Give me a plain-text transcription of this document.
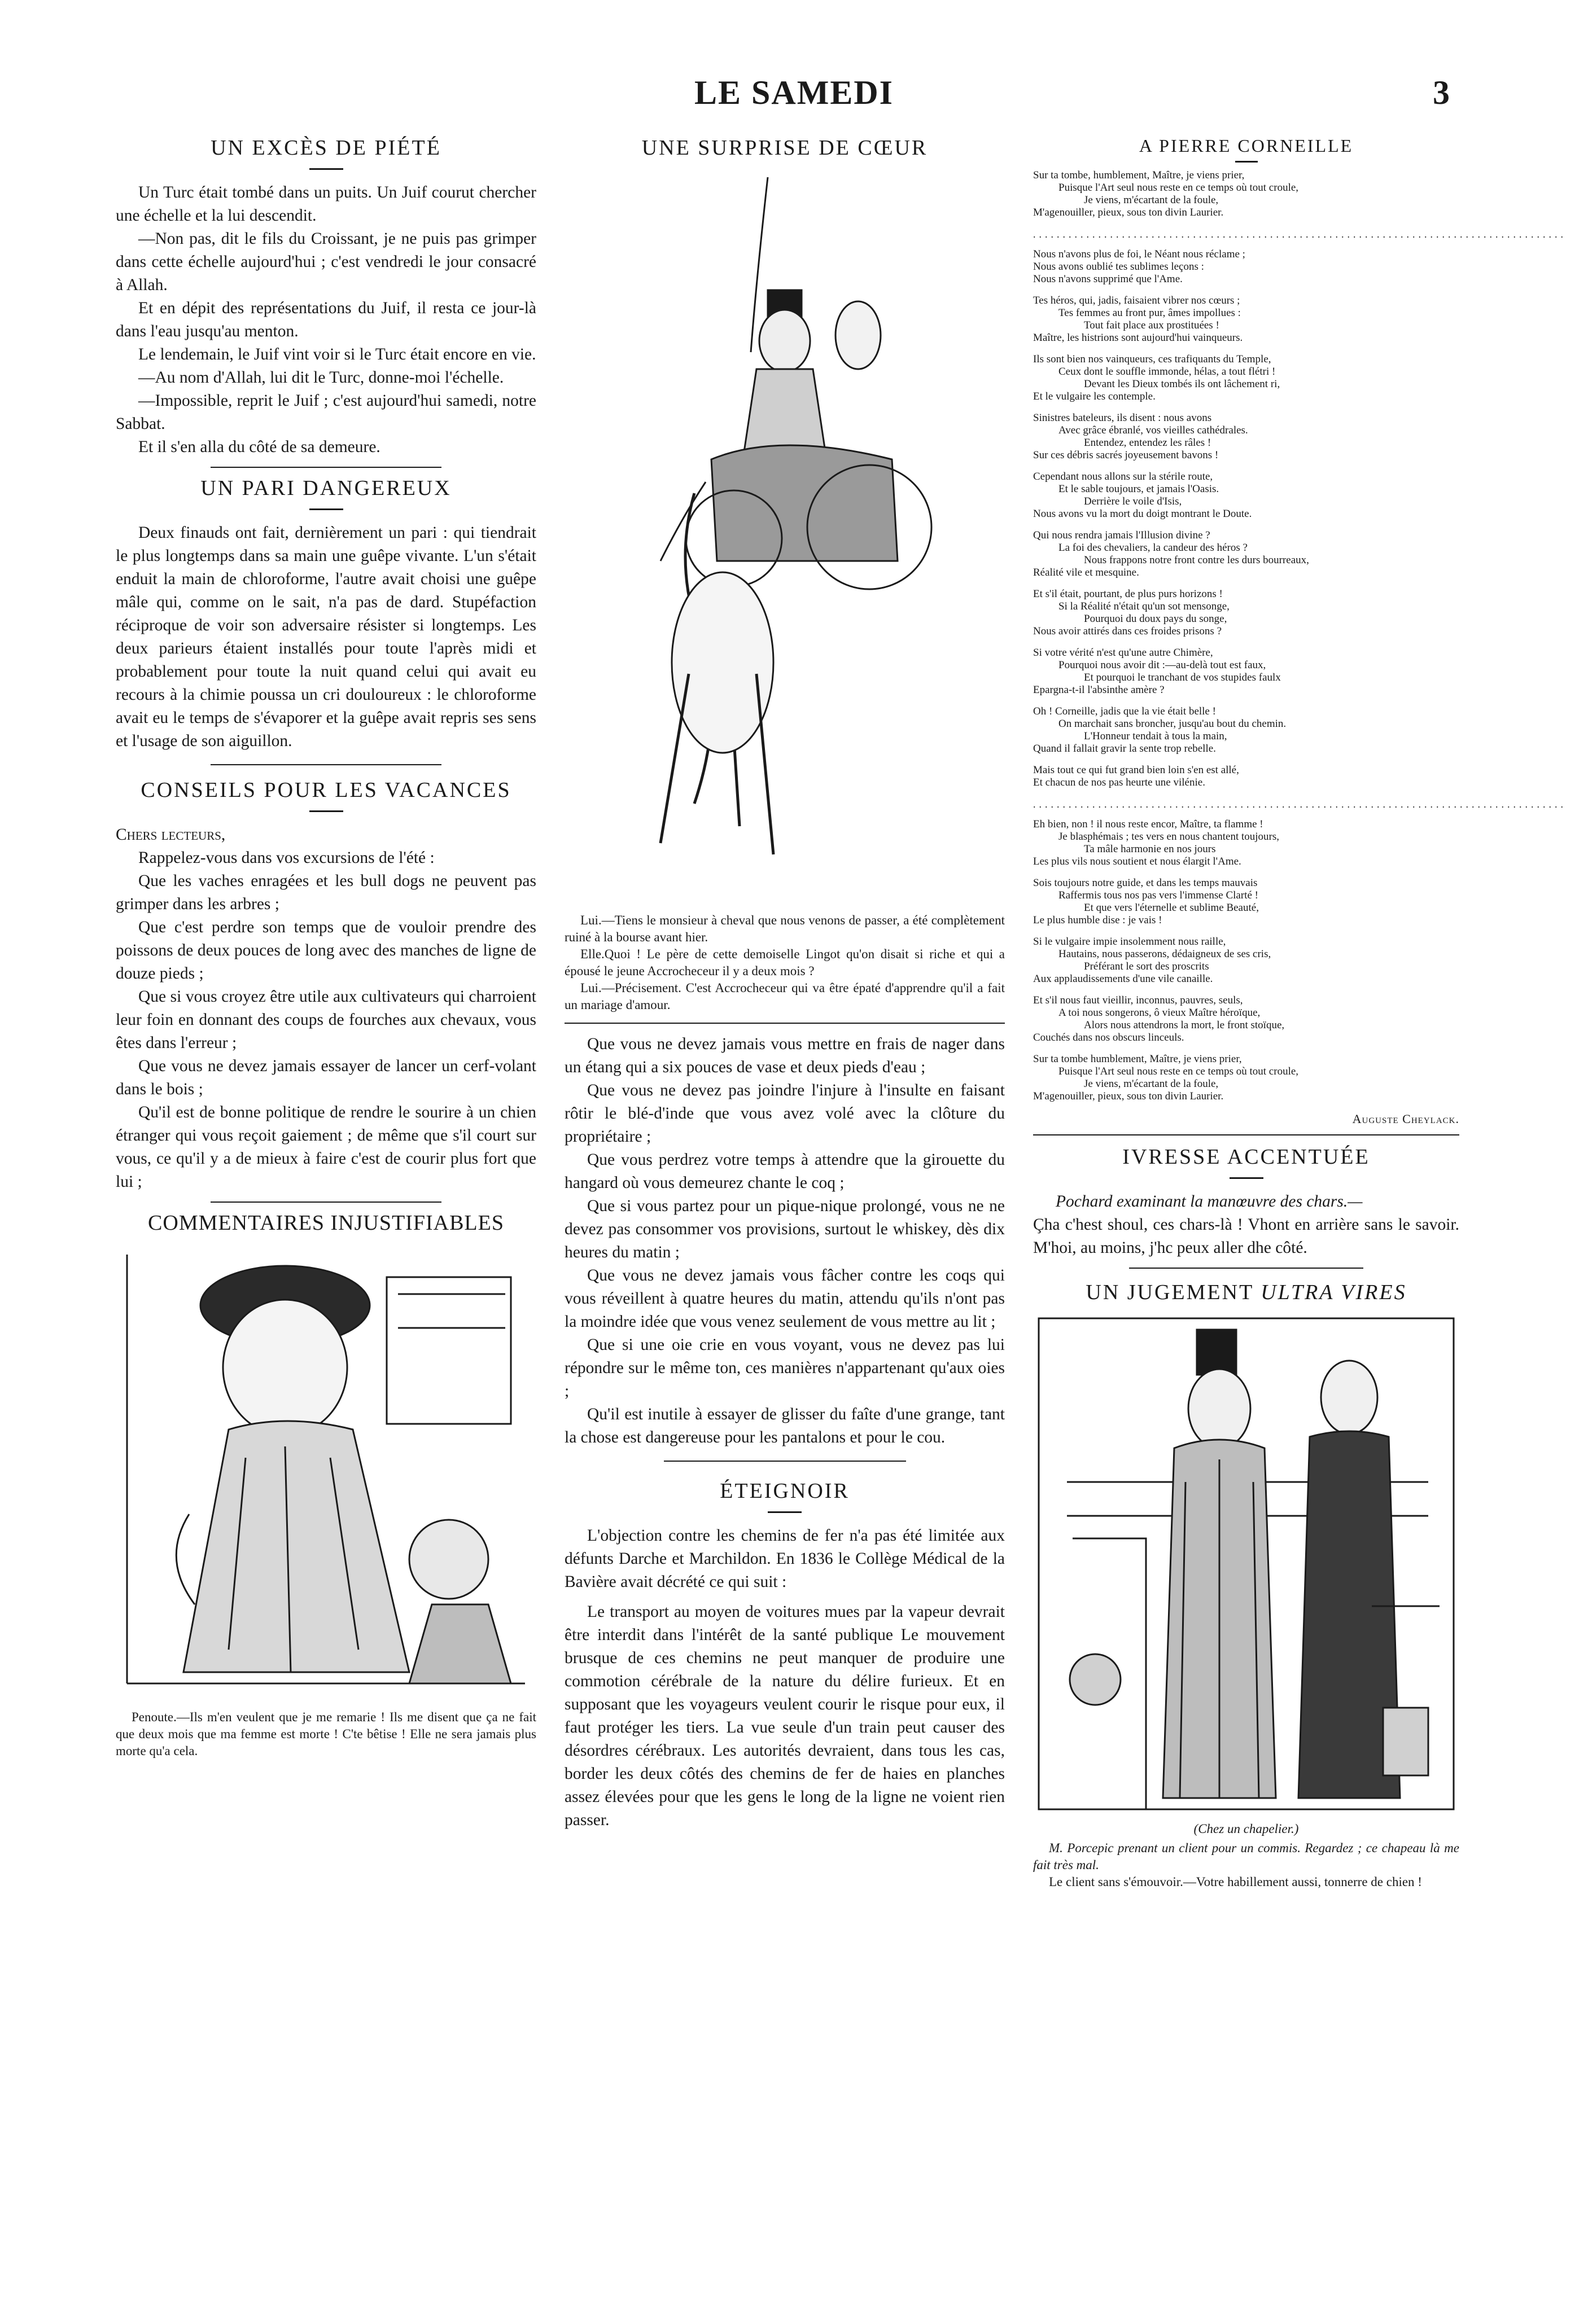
LE SAMEDI	3
UN EXCÈS DE PIÉTÉ

Un Turc était tombé dans un puits. Un Juif courut chercher une échelle et la lui descendit.

—Non pas, dit le fils du Croissant, je ne puis pas grimper dans cette échelle aujourd'hui ; c'est vendredi le jour consacré à Allah.

Et en dépit des représentations du Juif, il resta ce jour-là dans l'eau jusqu'au menton.

Le lendemain, le Juif vint voir si le Turc était encore en vie.

—Au nom d'Allah, lui dit le Turc, donne-moi l'échelle.

—Impossible, reprit le Juif ; c'est aujourd'hui samedi, notre Sabbat.

Et il s'en alla du côté de sa demeure.

UN PARI DANGEREUX

Deux finauds ont fait, dernièrement un pari : qui tiendrait le plus longtemps dans sa main une guêpe vivante. L'un s'était enduit la main de chloroforme, l'autre avait choisi une guêpe mâle qui, comme on le sait, n'a pas de dard. Stupéfaction réciproque de voir son adversaire résister si longtemps. Les deux parieurs étaient installés pour toute l'après midi et probablement pour toute la nuit quand celui qui avait eu recours à la chimie poussa un cri douloureux : le chloroforme avait eu le temps de s'évaporer et la guêpe avait repris ses sens et l'usage de son aiguillon.

CONSEILS POUR LES VACANCES

Chers lecteurs,

Rappelez-vous dans vos excursions de l'été :

Que les vaches enragées et les bull dogs ne peuvent pas grimper dans les arbres ;

Que c'est perdre son temps que de vouloir prendre des poissons de deux pouces de long avec des manches de ligne de douze pieds ;

Que si vous croyez être utile aux cultivateurs qui charroient leur foin en donnant des coups de fourches aux chevaux, vous êtes dans l'erreur ;

Que vous ne devez jamais essayer de lancer un cerf-volant dans le bois ;

Qu'il est de bonne politique de rendre le sourire à un chien étranger qui vous reçoit gaiement ; de même que s'il court sur vous, ce qu'il y a de mieux à faire c'est de courir plus fort que lui ;

COMMENTAIRES INJUSTIFIABLES

Penoute.—Ils m'en veulent que je me remarie ! Ils me disent que ça ne fait que deux mois que ma femme est morte ! C'te bêtise ! Elle ne sera jamais plus morte qu'a cela.

UNE SURPRISE DE CŒUR

Lui.—Tiens le monsieur à cheval que nous venons de passer, a été complètement ruiné à la bourse avant hier.

Elle.Quoi ! Le père de cette demoiselle Lingot qu'on disait si riche et qui a épousé le jeune Accrocheceur il y a deux mois ?

Lui.—Précisement. C'est Accrocheceur qui va être épaté d'apprendre qu'il a fait un mariage d'amour.

Que vous ne devez jamais vous mettre en frais de nager dans un étang qui a six pouces de vase et deux pieds d'eau ;

Que vous ne devez pas joindre l'injure à l'insulte en faisant rôtir le blé-d'inde que vous avez volé avec la clôture du propriétaire ;

Que vous perdrez votre temps à attendre que la girouette du hangard où vous demeurez chante le coq ;

Que si vous partez pour un pique-nique prolongé, vous ne ne devez pas consommer vos provisions, surtout le whiskey, dès dix heures du matin ;

Que vous ne devez jamais vous fâcher contre les coqs qui vous réveillent à quatre heures du matin, attendu qu'ils n'ont pas la moindre idée que vous venez seulement de vous mettre au lit ;

Que si une oie crie en vous voyant, vous ne devez pas lui répondre sur le même ton, ces manières n'appartenant qu'aux oies ;

Qu'il est inutile à essayer de glisser du faîte d'une grange, tant la chose est dangereuse pour les pantalons et pour le cou.

ÉTEIGNOIR

L'objection contre les chemins de fer n'a pas été limitée aux défunts Darche et Marchildon. En 1836 le Collège Médical de la Bavière avait décrété ce qui suit :

Le transport au moyen de voitures mues par la vapeur devrait être interdit dans l'intérêt de la santé publique Le mouvement brusque de ces chemins ne peut manquer de produire une commotion cérébrale de la nature du délire furieux. Et en supposant que les voyageurs veulent courir le risque pour eux, il faut protéger les tiers. La vue seule d'un train peut causer des désordres cérébraux. Les autorités devraient, dans tous les cas, border les deux côtés des chemins de fer de haies en planches assez élevées pour que les gens le long de la ligne ne voient rien passer.

A PIERRE CORNEILLE
Sur ta tombe, humblement, Maître, je viens prier,
Puisque l'Art seul nous reste en ce temps où tout croule,
Je viens, m'écartant de la foule,
M'agenouiller, pieux, sous ton divin Laurier.
..........................................................................................
Nous n'avons plus de foi, le Néant nous réclame ;
Nous avons oublié tes sublimes leçons :
Nous n'avons supprimé que l'Ame.
Tes héros, qui, jadis, faisaient vibrer nos cœurs ;
Tes femmes au front pur, âmes impollues :
Tout fait place aux prostituées !
Maître, les histrions sont aujourd'hui vainqueurs.
Ils sont bien nos vainqueurs, ces trafiquants du Temple,
Ceux dont le souffle immonde, hélas, a tout flétri !
Devant les Dieux tombés ils ont lâchement ri,
Et le vulgaire les contemple.
Sinistres bateleurs, ils disent : nous avons
Avec grâce ébranlé, vos vieilles cathédrales.
Entendez, entendez les râles !
Sur ces débris sacrés joyeusement bavons !
Cependant nous allons sur la stérile route,
Et le sable toujours, et jamais l'Oasis.
Derrière le voile d'Isis,
Nous avons vu la mort du doigt montrant le Doute.
Qui nous rendra jamais l'Illusion divine ?
La foi des chevaliers, la candeur des héros ?
Nous frappons notre front contre les durs bourreaux,
Réalité vile et mesquine.
Et s'il était, pourtant, de plus purs horizons !
Si la Réalité n'était qu'un sot mensonge,
Pourquoi du doux pays du songe,
Nous avoir attirés dans ces froides prisons ?
Si votre vérité n'est qu'une autre Chimère,
Pourquoi nous avoir dit :—au-delà tout est faux,
Et pourquoi le tranchant de vos stupides faulx
Epargna-t-il l'absinthe amère ?
Oh ! Corneille, jadis que la vie était belle !
On marchait sans broncher, jusqu'au bout du chemin.
L'Honneur tendait à tous la main,
Quand il fallait gravir la sente trop rebelle.
Mais tout ce qui fut grand bien loin s'en est allé,
Et chacun de nos pas heurte une vilénie.
..........................................................................................
Eh bien, non ! il nous reste encor, Maître, ta flamme !
Je blasphémais ; tes vers en nous chantent toujours,
Ta mâle harmonie en nos jours
Les plus vils nous soutient et nous élargit l'Ame.
Sois toujours notre guide, et dans les temps mauvais
Raffermis tous nos pas vers l'immense Clarté !
Et que vers l'éternelle et sublime Beauté,
Le plus humble dise : je vais !
Si le vulgaire impie insolemment nous raille,
Hautains, nous passerons, dédaigneux de ses cris,
Préférant le sort des proscrits
Aux applaudissements d'une vile canaille.
Et s'il nous faut vieillir, inconnus, pauvres, seuls,
A toi nous songerons, ô vieux Maître héroïque,
Alors nous attendrons la mort, le front stoïque,
Couchés dans nos obscurs linceuls.
Sur ta tombe humblement, Maître, je viens prier,
Puisque l'Art seul nous reste en ce temps où tout croule,
Je viens, m'écartant de la foule,
M'agenouiller, pieux, sous ton divin Laurier.
Auguste Cheylack.
IVRESSE ACCENTUÉE

Pochard examinant la manœuvre des chars.—

Çha c'hest shoul, ces chars-là ! Vhont en arrière sans le savoir. M'hoi, au moins, j'hc peux aller dhe côté.

UN JUGEMENT ULTRA VIRES
(Chez un chapelier.)

M. Porcepic prenant un client pour un commis. Regardez ; ce chapeau là me fait très mal.

Le client sans s'émouvoir.—Votre habillement aussi, tonnerre de chien !
